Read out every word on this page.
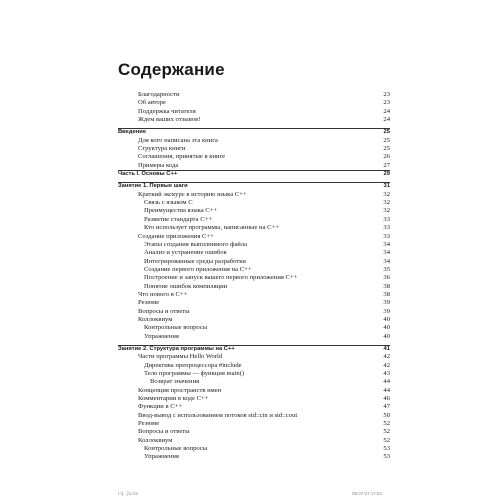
Содержание
Благодарности	23
Об авторе	23
Поддержка читателя	24
Ждем ваших отзывов!	24
Введение	25
Для кого написана эта книга	25
Структура книги	25
Соглашения, принятые в книге	26
Примеры кода	27
Часть I. Основы C++	29
Занятие 1. Первые шаги	31
Краткий экскурс в историю языка C++	32
Связь с языком C	32
Преимущества языка C++	32
Развитие стандарта C++	33
Кто использует программы, написанные на C++	33
Создание приложения C++	33
Этапы создания выполнимого файла	34
Анализ и устранение ошибок	34
Интегрированные среды разработки	34
Создание первого приложения на C++	35
Построение и запуск вашего первого приложения C++	36
Понятие ошибок компиляции	38
Что нового в C++	38
Резюме	39
Вопросы и ответы	39
Коллоквиум	40
Контрольные вопросы	40
Упражнения	40
Занятие 2. Структура программы на C++	41
Части программы Hello World	42
Директива препроцессора #include	42
Тело программы — функция main()	43
Возврат значения	44
Концепция пространств имен	44
Комментарии в коде C++	46
Функции в C++	47
Ввод-вывод с использованием потоков std::cin и std::cout	50
Резюме	52
Вопросы и ответы	52
Коллоквиум	52
Контрольные вопросы	53
Упражнения	53
I:\(...)\c.fm	05.07.07 17:52
